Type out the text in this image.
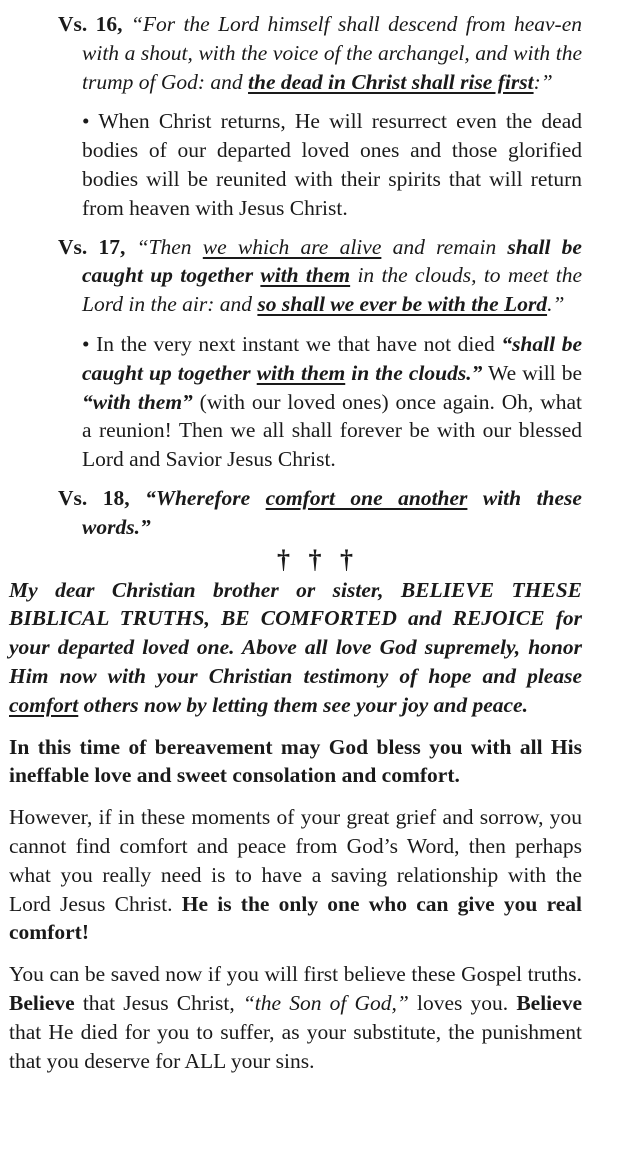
Vs. 16, “For the Lord himself shall descend from heav-en with a shout, with the voice of the archangel, and with the trump of God: and the dead in Christ shall rise first:”

• When Christ returns, He will resurrect even the dead bodies of our departed loved ones and those glorified bodies will be reunited with their spirits that will return from heaven with Jesus Christ.

Vs. 17, “Then we which are alive and remain shall be caught up together with them in the clouds, to meet the Lord in the air: and so shall we ever be with the Lord.”

• In the very next instant we that have not died “shall be caught up together with them in the clouds.” We will be “with them” (with our loved ones) once again. Oh, what a reunion! Then we all shall forever be with our blessed Lord and Savior Jesus Christ.

Vs. 18, “Wherefore comfort one another with these words.”

† † †

My dear Christian brother or sister, BELIEVE THESE BIBLICAL TRUTHS, BE COMFORTED and REJOICE for your departed loved one. Above all love God supremely, honor Him now with your Christian testimony of hope and please comfort others now by letting them see your joy and peace.

In this time of bereavement may God bless you with all His ineffable love and sweet consolation and comfort.

However, if in these moments of your great grief and sorrow, you cannot find comfort and peace from God’s Word, then perhaps what you really need is to have a saving relationship with the Lord Jesus Christ. He is the only one who can give you real comfort!

You can be saved now if you will first believe these Gospel truths. Believe that Jesus Christ, “the Son of God,” loves you. Believe that He died for you to suffer, as your substitute, the punishment that you deserve for ALL your sins.
